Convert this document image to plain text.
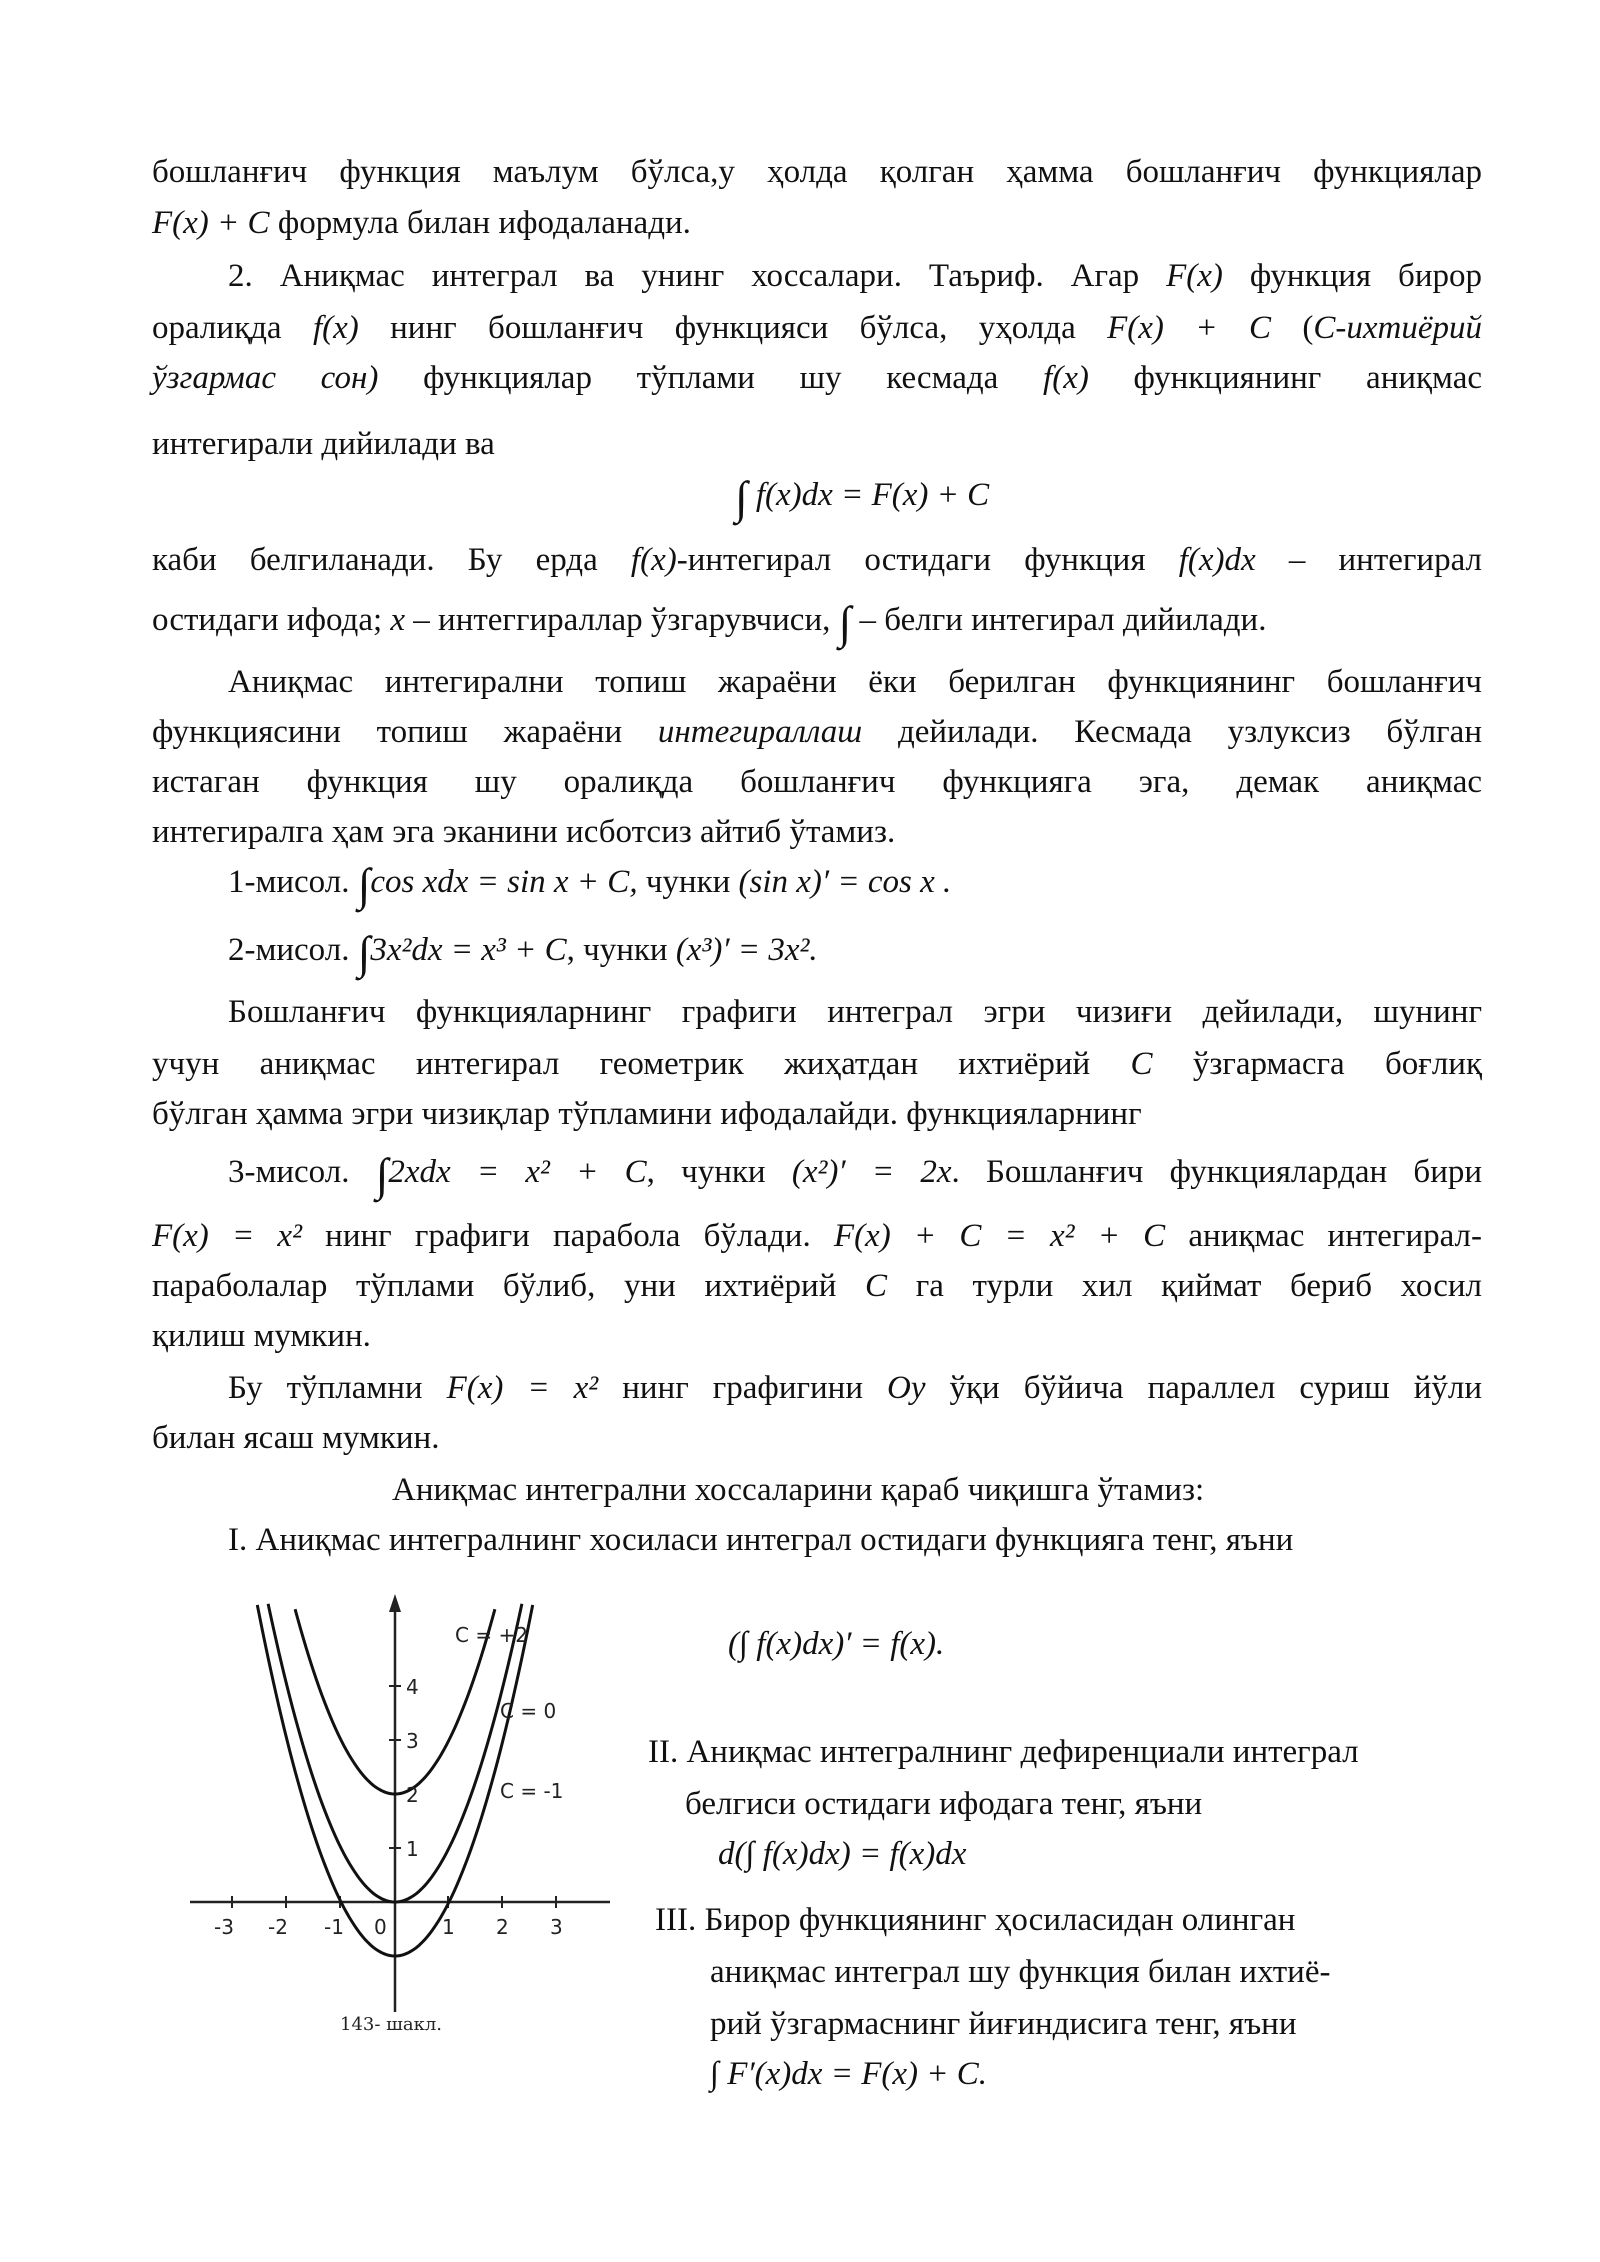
бошланғич функция маълум бўлса,у ҳолда қолган ҳамма бошланғич функциялар
F(x) + C формула билан ифодаланади.
2. Аниқмас интеграл ва унинг хоссалари. Таъриф. Агар F(x) функция бирор
оралиқда f(x) нинг бошланғич функцияси бўлса, уҳолда F(x) + C (С-ихтиёрий
ўзгармас сон) функциялар тўплами шу кесмада f(x) функциянинг аниқмас
интегирали дийилади ва
∫ f(x)dx = F(x) + C
каби белгиланади. Бу ерда f(x)-интегирал остидаги функция f(x)dx – интегирал
остидаги ифода; x – интеггираллар ўзгарувчиси, ∫ – белги интегирал дийилади.
Аниқмас интегирални топиш жараёни ёки берилган функциянинг бошланғич
функциясини топиш жараёни интегираллаш дейилади. Кесмада узлуксиз бўлган
истаган функция шу оралиқда бошланғич функцияга эга, демак аниқмас
интегиралга ҳам эга эканини исботсиз айтиб ўтамиз.
1-мисол. ∫cos xdx = sin x + C, чунки (sin x)′ = cos x .
2-мисол. ∫3x²dx = x³ + C, чунки (x³)′ = 3x².
Бошланғич функцияларнинг графиги интеграл эгри чизиғи дейилади, шунинг
учун аниқмас интегирал геометрик жиҳатдан ихтиёрий С ўзгармасга боғлиқ
бўлган ҳамма эгри чизиқлар тўпламини ифодалайди. функцияларнинг
3-мисол. ∫2xdx = x² + C, чунки (x²)′ = 2x. Бошланғич функциялардан бири
F(x) = x² нинг графиги парабола бўлади. F(x) + C = x² + C аниқмас интегирал-
параболалар тўплами бўлиб, уни ихтиёрий С га турли хил қиймат бериб хосил
қилиш мумкин.
Бу тўпламни F(x) = x² нинг графигини Оу ўқи бўйича параллел суриш йўли
билан ясаш мумкин.
Аниқмас интегрални хоссаларини қараб чиқишга ўтамиз:
I. Аниқмас интегралнинг хосиласи интеграл остидаги функцияга тенг, яъни
4
3
2
1
-3 -2 -1 0	1 2 3
C = +2
C = 0
C = -1
143- шакл.
(∫ f(x)dx)′ = f(x).
II. Аниқмас интегралнинг дефиренциали интеграл
белгиси остидаги ифодага тенг, яъни
d(∫ f(x)dx) = f(x)dx
III. Бирор функциянинг ҳосиласидан олинган
аниқмас интеграл шу функция билан ихтиё-
рий ўзгармаснинг йиғиндисига тенг, яъни
∫ F′(x)dx = F(x) + C.
